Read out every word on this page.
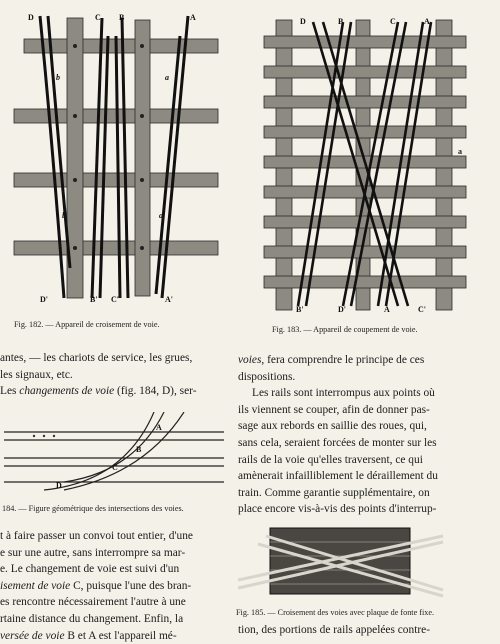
D	C B	A
D'	B' C'	A'
b	a
b	a
Fig. 182. — Appareil de croisement de voie.
D	B	C	A
B'	D'	A	C'
a
Fig. 183. — Appareil de coupement de voie.
antes, — les chariots de service, les grues,
les signaux, etc.
Les changements de voie (fig. 184, D), ser-
A
B
C
D
184. — Figure géométrique des intersections des voies.
t à faire passer un convoi tout entier, d'une
e sur une autre, sans interrompre sa mar-
e. Le changement de voie est suivi d'un
isement de voie C, puisque l'une des bran-
es rencontre nécessairement l'autre à une
rtaine distance du changement. Enfin, la
versée de voie B et A est l'appareil mé-
voies, fera comprendre le principe de ces
dispositions.
Les rails sont interrompus aux points où
ils viennent se couper, afin de donner pas-
sage aux rebords en saillie des roues, qui,
sans cela, seraient forcées de monter sur les
rails de la voie qu'elles traversent, ce qui
amènerait infailliblement le déraillement du
train. Comme garantie supplémentaire, on
place encore vis-à-vis des points d'interrup-
Fig. 185. — Croisement des voies avec plaque de fonte fixe.
tion, des portions de rails appelées contre-
